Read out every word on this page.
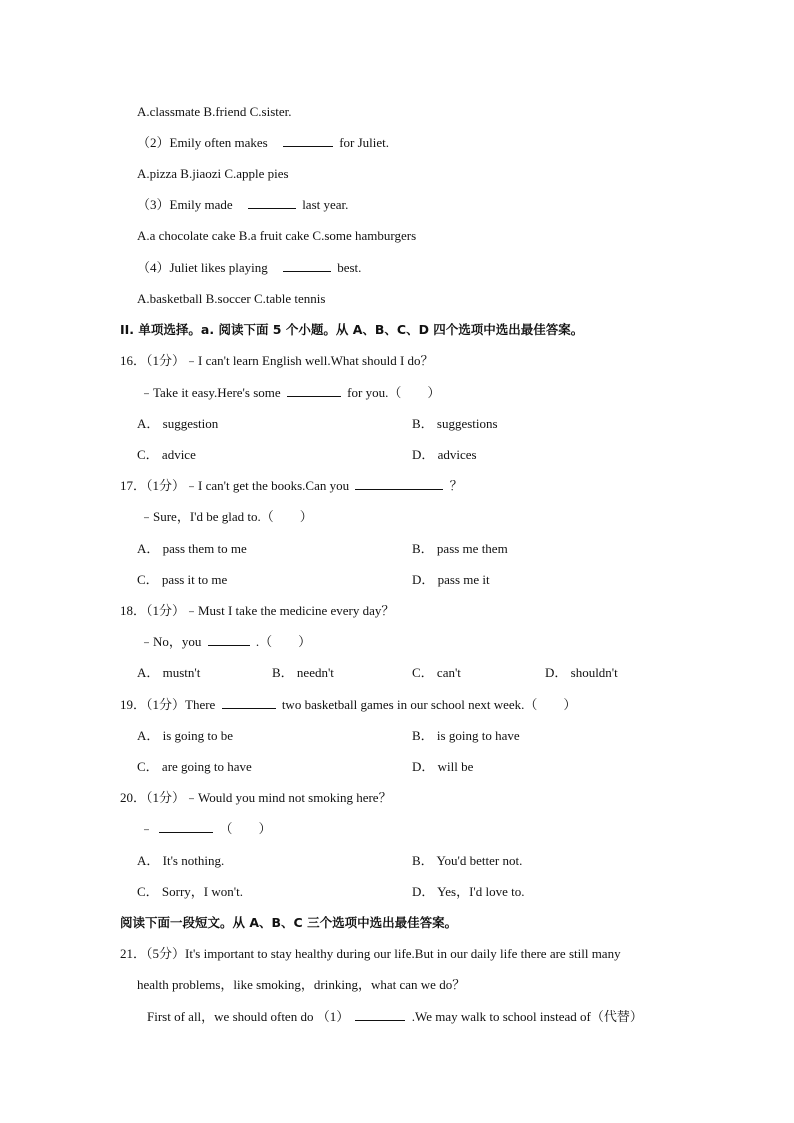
A.classmate B.friend C.sister.
（2）Emily often makes	for Juliet.
A.pizza B.jiaozi C.apple pies
（3）Emily made	last year.
A.a chocolate cake B.a fruit cake C.some hamburgers
（4）Juliet likes playing	best.
A.basketball B.soccer C.table tennis
II. 单项选择。a. 阅读下面 5 个小题。从 A、B、C、D 四个选项中选出最佳答案。
16．（1分）﹣I can't learn English well.What should I do？
﹣Take it easy.Here's some	for you.（　　）
A． suggestion	B． suggestions
C． advice	D． advices
17．（1分）﹣I can't get the books.Can you	？
﹣Sure，I'd be glad to.（　　）
A． pass them to me	B． pass me them
C． pass it to me	D． pass me it
18．（1分）﹣Must I take the medicine every day？
﹣No，you	.（　　）
A． mustn't	B． needn't	C． can't	D． shouldn't
19．（1分）There	two basketball games in our school next week.（　　）
A． is going to be	B． is going to have
C． are going to have	D． will be
20．（1分）﹣Would you mind not smoking here？
﹣	（　　）
A． It's nothing.	B． You'd better not.
C． Sorry，I won't.	D． Yes，I'd love to.
阅读下面一段短文。从 A、B、C 三个选项中选出最佳答案。
21．（5分）It's important to stay healthy during our life.But in our daily life there are still many
health problems，like smoking，drinking，what can we do？
First of all，we should often do （1）	.We may walk to school instead of（代替）
